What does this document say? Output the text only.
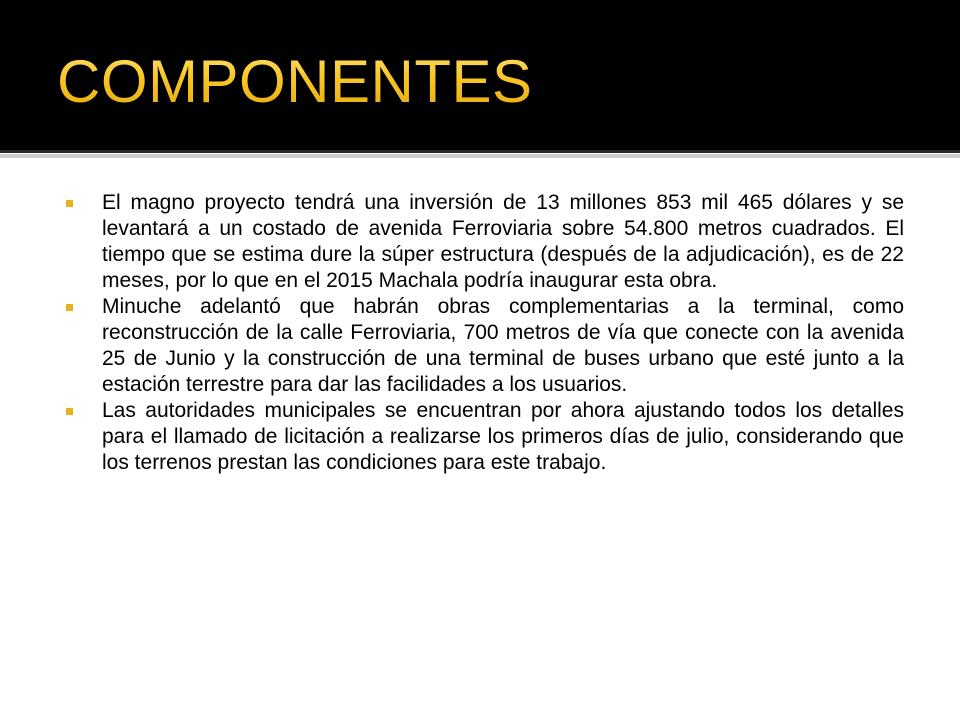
COMPONENTES
El magno proyecto tendrá una inversión de 13 millones 853 mil 465 dólares y se levantará a un costado de avenida Ferroviaria sobre 54.800 metros cuadrados. El tiempo que se estima dure la súper estructura (después de la adjudicación), es de 22 meses, por lo que en el 2015 Machala podría inaugurar esta obra.
Minuche adelantó que habrán obras complementarias a la terminal, como reconstrucción de la calle Ferroviaria, 700 metros de vía que conecte con la avenida 25 de Junio y la construcción de una terminal de buses urbano que esté junto a la estación terrestre para dar las facilidades a los usuarios.
Las autoridades municipales se encuentran por ahora ajustando todos los detalles para el llamado de licitación a realizarse los primeros días de julio, considerando que los terrenos prestan las condiciones para este trabajo.
